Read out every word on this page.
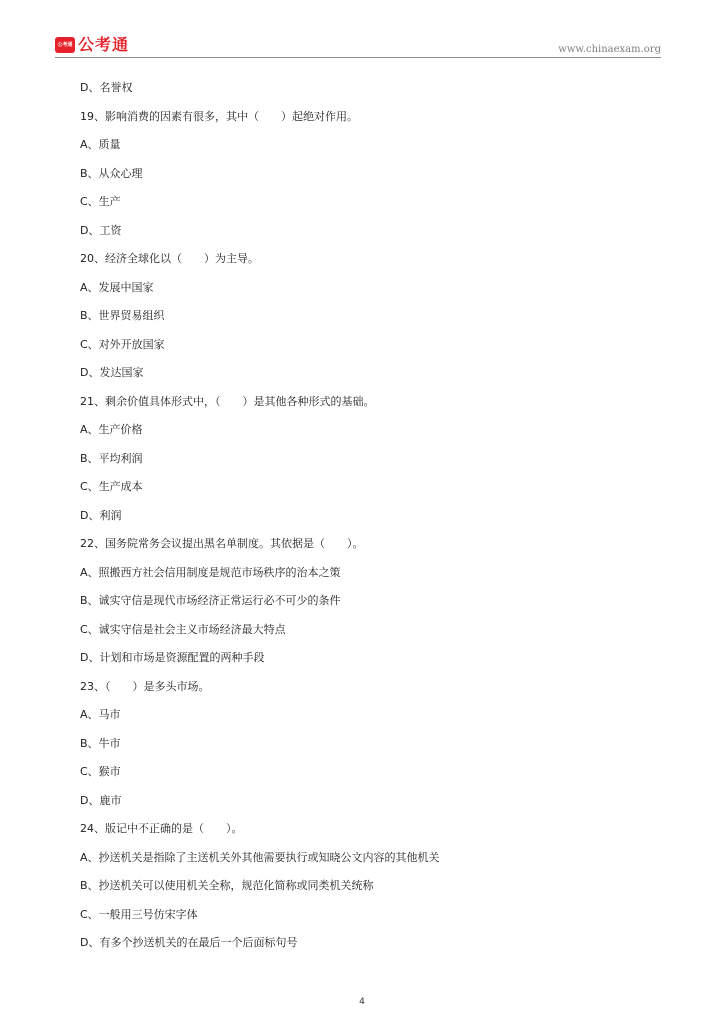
公考通 公考通	www.chinaexam.org
D、名誉权
19、影响消费的因素有很多，其中（　　）起绝对作用。
A、质量
B、从众心理
C、生产
D、工资
20、经济全球化以（　　）为主导。
A、发展中国家
B、世界贸易组织
C、对外开放国家
D、发达国家
21、剩余价值具体形式中，（　　）是其他各种形式的基础。
A、生产价格
B、平均利润
C、生产成本
D、利润
22、国务院常务会议提出黑名单制度。其依据是（　　）。
A、照搬西方社会信用制度是规范市场秩序的治本之策
B、诚实守信是现代市场经济正常运行必不可少的条件
C、诚实守信是社会主义市场经济最大特点
D、计划和市场是资源配置的两种手段
23、（　　）是多头市场。
A、马市
B、牛市
C、猴市
D、鹿市
24、版记中不正确的是（　　）。
A、抄送机关是指除了主送机关外其他需要执行或知晓公文内容的其他机关
B、抄送机关可以使用机关全称，规范化简称或同类机关统称
C、一般用三号仿宋字体
D、有多个抄送机关的在最后一个后面标句号
4
